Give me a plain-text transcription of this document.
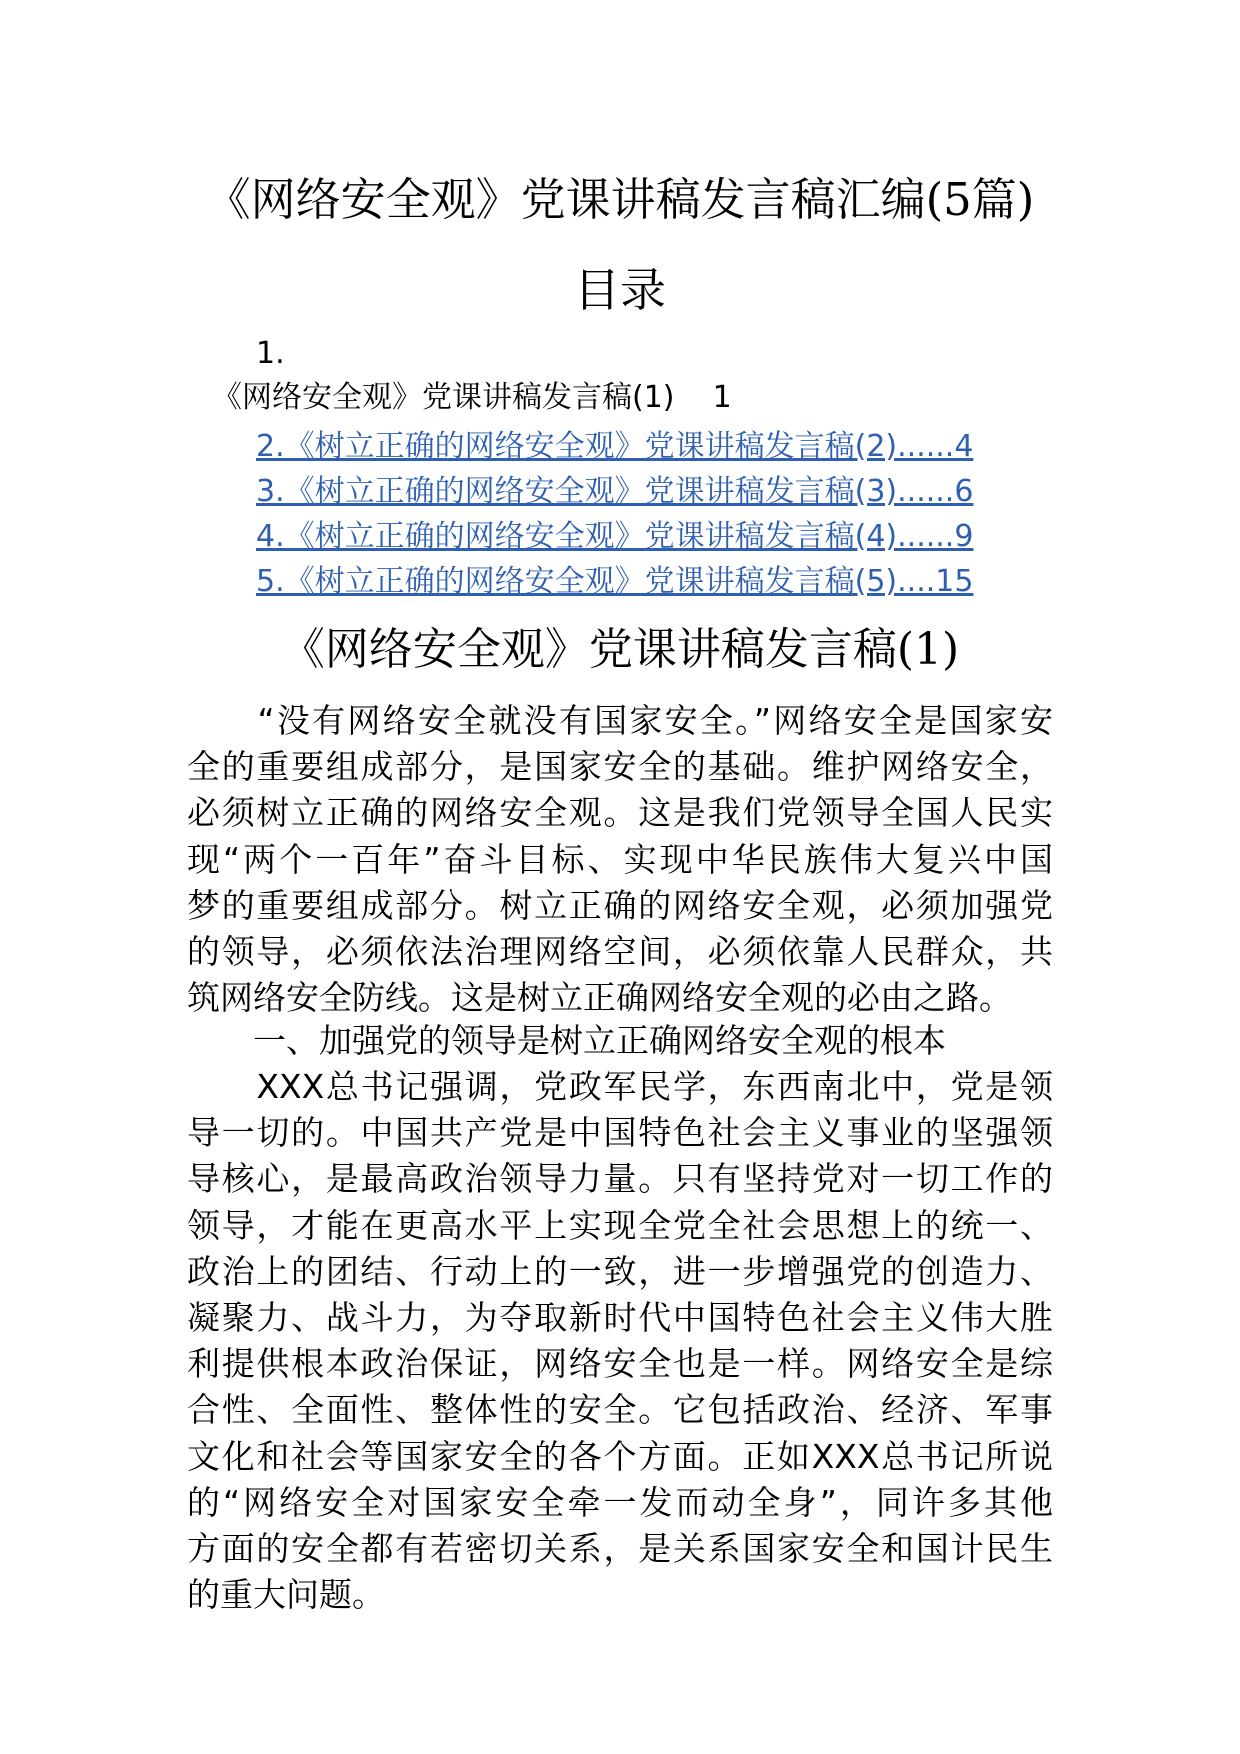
《网络安全观》党课讲稿发言稿汇编(5篇)
目录
1.
《网络安全观》党课讲稿发言稿(1)    1
2.《树立正确的网络安全观》党课讲稿发言稿(2)......4
3.《树立正确的网络安全观》党课讲稿发言稿(3)......6
4.《树立正确的网络安全观》党课讲稿发言稿(4)......9
5.《树立正确的网络安全观》党课讲稿发言稿(5)....15
《网络安全观》党课讲稿发言稿(1)
　　“没有网络安全就没有国家安全。”网络安全是国家安
全的重要组成部分，是国家安全的基础。维护网络安全，
必须树立正确的网络安全观。这是我们党领导全国人民实
现“两个一百年”奋斗目标、实现中华民族伟大复兴中国
梦的重要组成部分。树立正确的网络安全观，必须加强党
的领导，必须依法治理网络空间，必须依靠人民群众，共
筑网络安全防线。这是树立正确网络安全观的必由之路。
　　一、加强党的领导是树立正确网络安全观的根本
　　XXX总书记强调，党政军民学，东西南北中，党是领
导一切的。中国共产党是中国特色社会主义事业的坚强领
导核心，是最高政治领导力量。只有坚持党对一切工作的
领导，才能在更高水平上实现全党全社会思想上的统一、
政治上的团结、行动上的一致，进一步增强党的创造力、
凝聚力、战斗力，为夺取新时代中国特色社会主义伟大胜
利提供根本政治保证，网络安全也是一样。网络安全是综
合性、全面性、整体性的安全。它包括政治、经济、军事
文化和社会等国家安全的各个方面。正如XXX总书记所说
的“网络安全对国家安全牵一发而动全身”，同许多其他
方面的安全都有若密切关系，是关系国家安全和国计民生
的重大问题。
